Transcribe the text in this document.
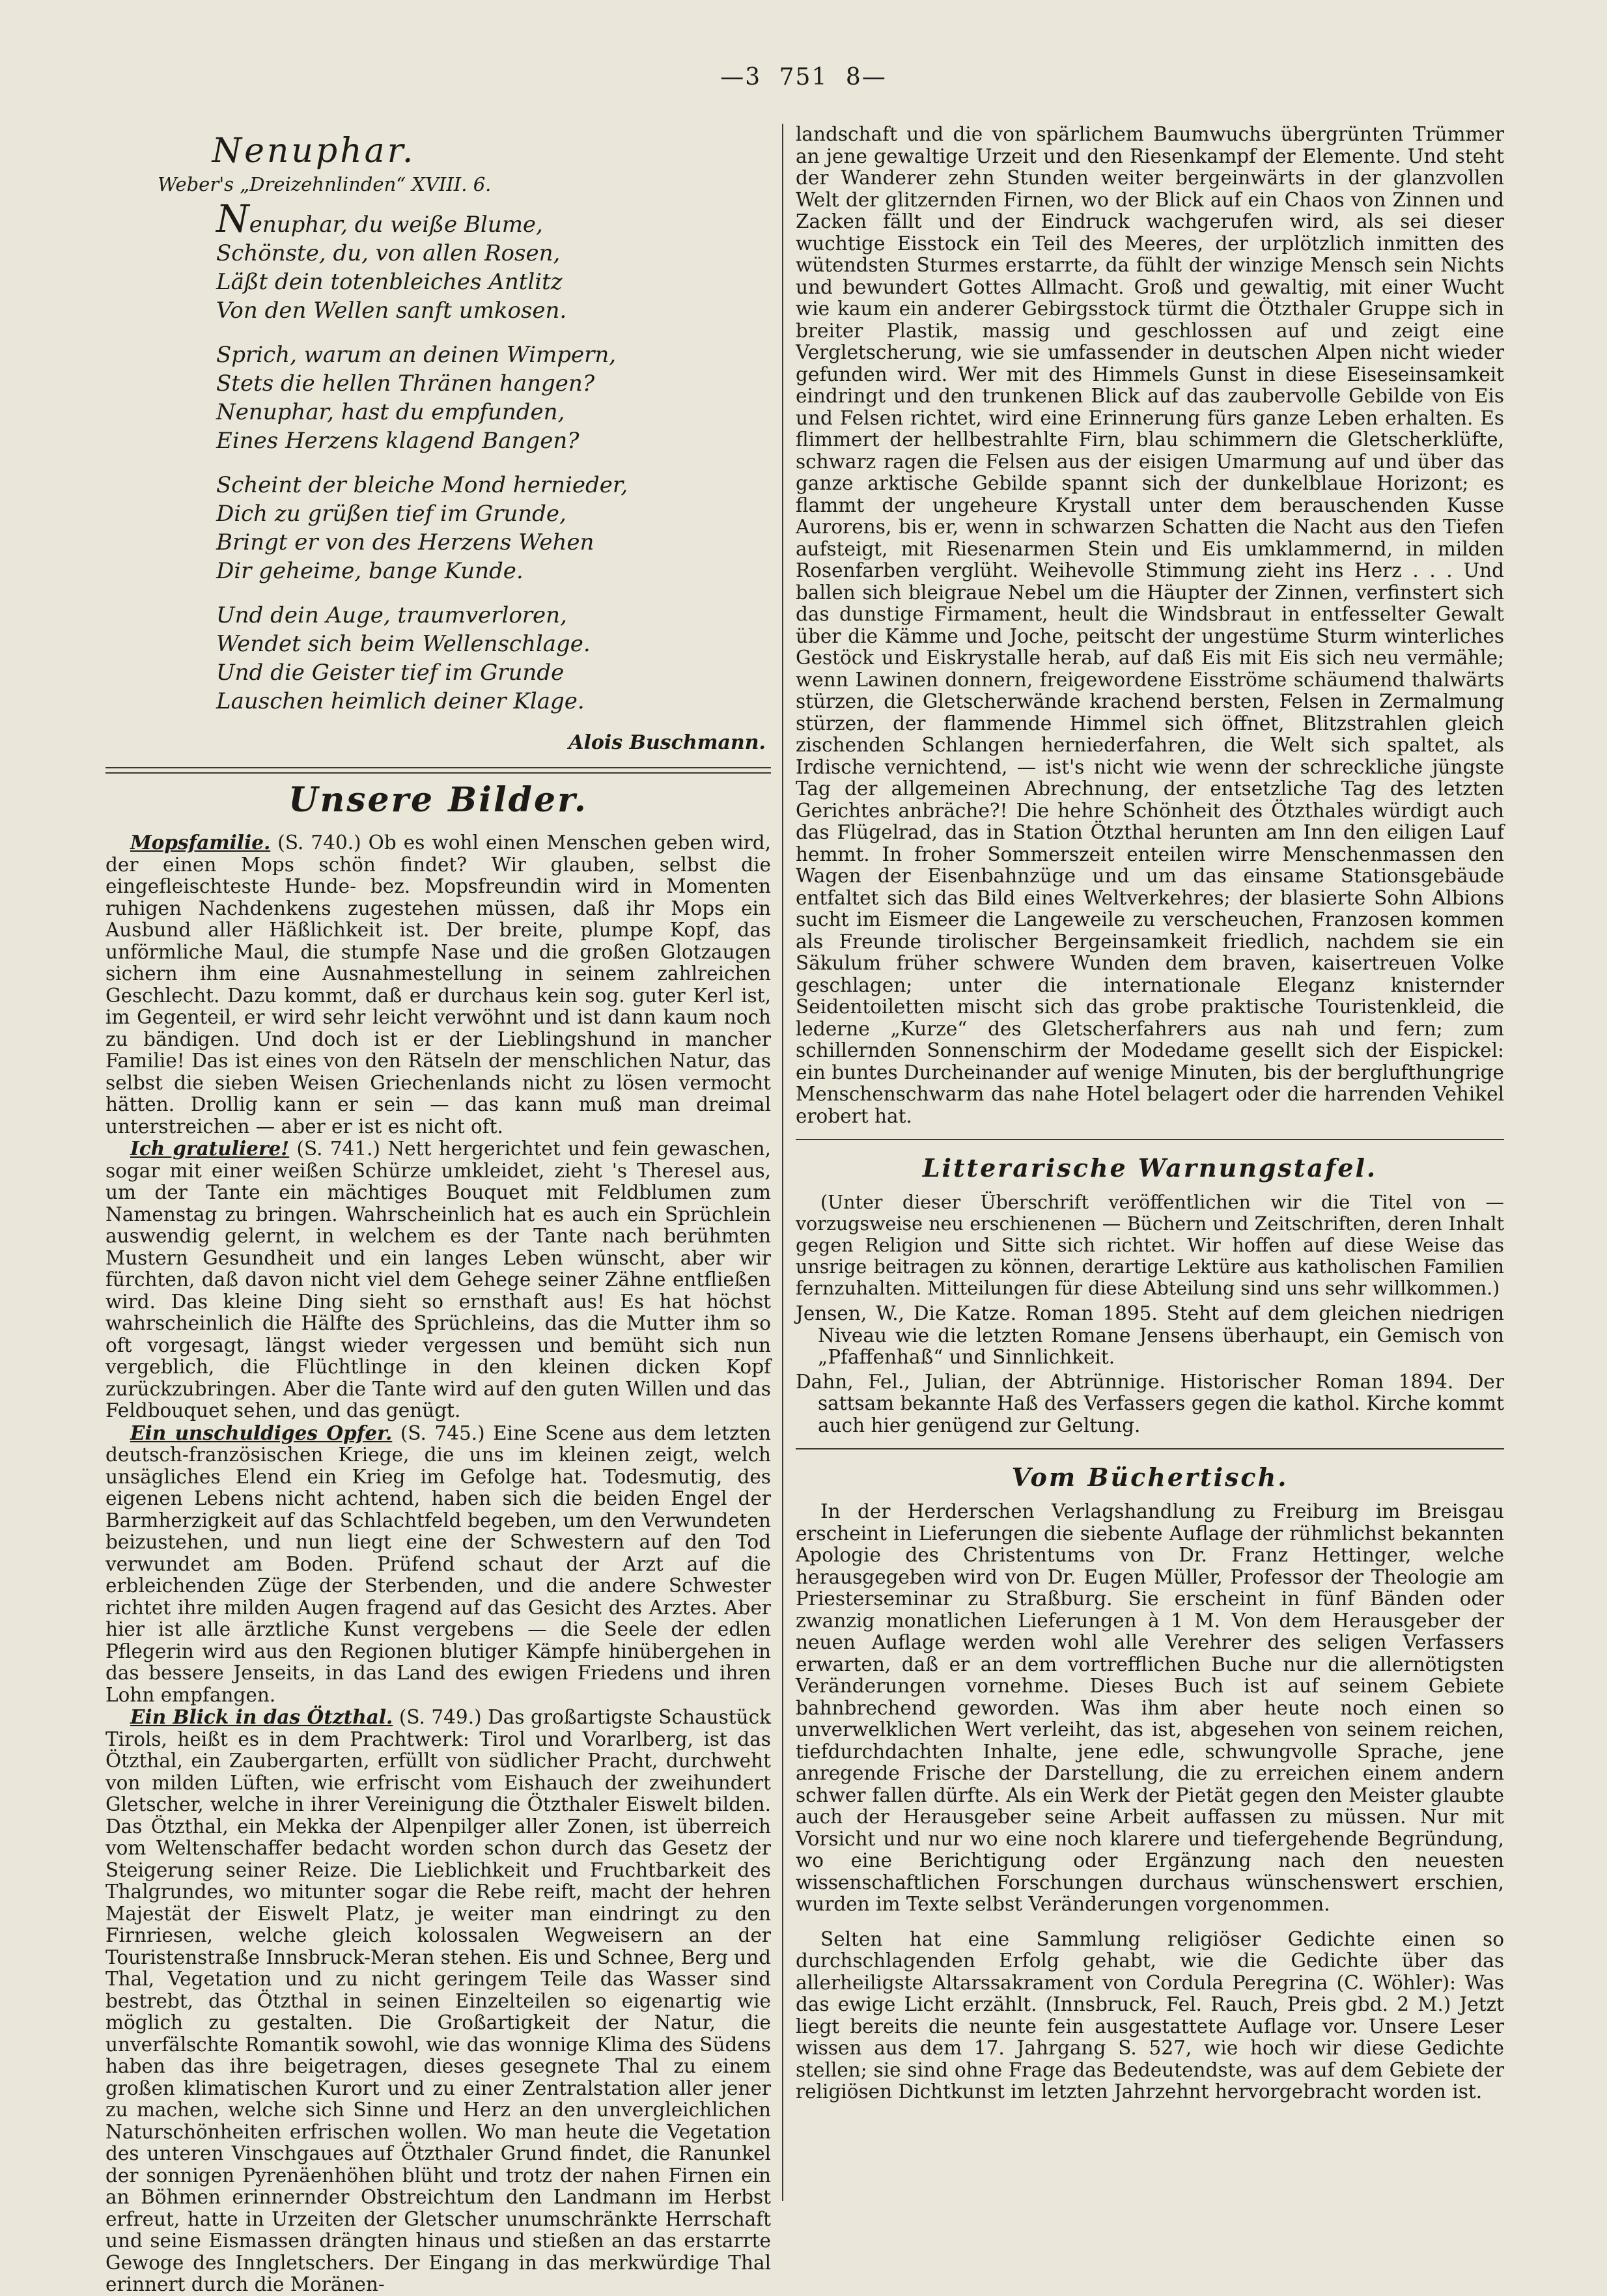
—3 751 8—
Nenuphar.
Weber's „Dreizehnlinden“ XVIII. 6.
Nenuphar, du weiße Blume,
Schönste, du, von allen Rosen,
Läßt dein totenbleiches Antlitz
Von den Wellen sanft umkosen.
Sprich, warum an deinen Wimpern,
Stets die hellen Thränen hangen?
Nenuphar, hast du empfunden,
Eines Herzens klagend Bangen?
Scheint der bleiche Mond hernieder,
Dich zu grüßen tief im Grunde,
Bringt er von des Herzens Wehen
Dir geheime, bange Kunde.
Und dein Auge, traumverloren,
Wendet sich beim Wellenschlage.
Und die Geister tief im Grunde
Lauschen heimlich deiner Klage.
Alois Buschmann.
Unsere Bilder.

Mopsfamilie. (S. 740.) Ob es wohl einen Menschen geben wird, der einen Mops schön findet? Wir glauben, selbst die eingefleischteste Hunde- bez. Mopsfreundin wird in Momenten ruhigen Nachdenkens zugestehen müssen, daß ihr Mops ein Ausbund aller Häßlichkeit ist. Der breite, plumpe Kopf, das unförmliche Maul, die stumpfe Nase und die großen Glotzaugen sichern ihm eine Ausnahmestellung in seinem zahlreichen Geschlecht. Dazu kommt, daß er durchaus kein sog. guter Kerl ist, im Gegenteil, er wird sehr leicht verwöhnt und ist dann kaum noch zu bändigen. Und doch ist er der Lieblingshund in mancher Familie! Das ist eines von den Rätseln der menschlichen Natur, das selbst die sieben Weisen Griechenlands nicht zu lösen vermocht hätten. Drollig kann er sein — das kann muß man dreimal unterstreichen — aber er ist es nicht oft.

Ich gratuliere! (S. 741.) Nett hergerichtet und fein gewaschen, sogar mit einer weißen Schürze umkleidet, zieht 's Theresel aus, um der Tante ein mächtiges Bouquet mit Feldblumen zum Namenstag zu bringen. Wahrscheinlich hat es auch ein Sprüchlein auswendig gelernt, in welchem es der Tante nach berühmten Mustern Gesundheit und ein langes Leben wünscht, aber wir fürchten, daß davon nicht viel dem Gehege seiner Zähne entfließen wird. Das kleine Ding sieht so ernsthaft aus! Es hat höchst wahrscheinlich die Hälfte des Sprüchleins, das die Mutter ihm so oft vorgesagt, längst wieder vergessen und bemüht sich nun vergeblich, die Flüchtlinge in den kleinen dicken Kopf zurückzubringen. Aber die Tante wird auf den guten Willen und das Feldbouquet sehen, und das genügt.

Ein unschuldiges Opfer. (S. 745.) Eine Scene aus dem letzten deutsch-französischen Kriege, die uns im kleinen zeigt, welch unsägliches Elend ein Krieg im Gefolge hat. Todesmutig, des eigenen Lebens nicht achtend, haben sich die beiden Engel der Barmherzigkeit auf das Schlachtfeld begeben, um den Verwundeten beizustehen, und nun liegt eine der Schwestern auf den Tod verwundet am Boden. Prüfend schaut der Arzt auf die erbleichenden Züge der Sterbenden, und die andere Schwester richtet ihre milden Augen fragend auf das Gesicht des Arztes. Aber hier ist alle ärztliche Kunst vergebens — die Seele der edlen Pflegerin wird aus den Regionen blutiger Kämpfe hinübergehen in das bessere Jenseits, in das Land des ewigen Friedens und ihren Lohn empfangen.

Ein Blick in das Ötzthal. (S. 749.) Das großartigste Schaustück Tirols, heißt es in dem Prachtwerk: Tirol und Vorarlberg, ist das Ötzthal, ein Zaubergarten, erfüllt von südlicher Pracht, durchweht von milden Lüften, wie erfrischt vom Eishauch der zweihundert Gletscher, welche in ihrer Vereinigung die Ötzthaler Eiswelt bilden. Das Ötzthal, ein Mekka der Alpenpilger aller Zonen, ist überreich vom Weltenschaffer bedacht worden schon durch das Gesetz der Steigerung seiner Reize. Die Lieblichkeit und Fruchtbarkeit des Thalgrundes, wo mitunter sogar die Rebe reift, macht der hehren Majestät der Eiswelt Platz, je weiter man eindringt zu den Firnriesen, welche gleich kolossalen Wegweisern an der Touristenstraße Innsbruck-Meran stehen. Eis und Schnee, Berg und Thal, Vegetation und zu nicht geringem Teile das Wasser sind bestrebt, das Ötzthal in seinen Einzelteilen so eigenartig wie möglich zu gestalten. Die Großartigkeit der Natur, die unverfälschte Romantik sowohl, wie das wonnige Klima des Südens haben das ihre beigetragen, dieses gesegnete Thal zu einem großen klimatischen Kurort und zu einer Zentralstation aller jener zu machen, welche sich Sinne und Herz an den unvergleichlichen Naturschönheiten erfrischen wollen. Wo man heute die Vegetation des unteren Vinschgaues auf Ötzthaler Grund findet, die Ranunkel der sonnigen Pyrenäenhöhen blüht und trotz der nahen Firnen ein an Böhmen erinnernder Obstreichtum den Landmann im Herbst erfreut, hatte in Urzeiten der Gletscher unumschränkte Herrschaft und seine Eismassen drängten hinaus und stießen an das erstarrte Gewoge des Inngletschers. Der Eingang in das merkwürdige Thal erinnert durch die Moränen-

landschaft und die von spärlichem Baumwuchs übergrünten Trümmer an jene gewaltige Urzeit und den Riesenkampf der Elemente. Und steht der Wanderer zehn Stunden weiter bergeinwärts in der glanzvollen Welt der glitzernden Firnen, wo der Blick auf ein Chaos von Zinnen und Zacken fällt und der Eindruck wachgerufen wird, als sei dieser wuchtige Eisstock ein Teil des Meeres, der urplötzlich inmitten des wütendsten Sturmes erstarrte, da fühlt der winzige Mensch sein Nichts und bewundert Gottes Allmacht. Groß und gewaltig, mit einer Wucht wie kaum ein anderer Gebirgsstock türmt die Ötzthaler Gruppe sich in breiter Plastik, massig und geschlossen auf und zeigt eine Vergletscherung, wie sie umfassender in deutschen Alpen nicht wieder gefunden wird. Wer mit des Himmels Gunst in diese Eiseseinsamkeit eindringt und den trunkenen Blick auf das zaubervolle Gebilde von Eis und Felsen richtet, wird eine Erinnerung fürs ganze Leben erhalten. Es flimmert der hellbestrahlte Firn, blau schimmern die Gletscherklüfte, schwarz ragen die Felsen aus der eisigen Umarmung auf und über das ganze arktische Gebilde spannt sich der dunkelblaue Horizont; es flammt der ungeheure Krystall unter dem berauschenden Kusse Aurorens, bis er, wenn in schwarzen Schatten die Nacht aus den Tiefen aufsteigt, mit Riesenarmen Stein und Eis umklammernd, in milden Rosenfarben verglüht. Weihevolle Stimmung zieht ins Herz . . . Und ballen sich bleigraue Nebel um die Häupter der Zinnen, verfinstert sich das dunstige Firmament, heult die Windsbraut in entfesselter Gewalt über die Kämme und Joche, peitscht der ungestüme Sturm winterliches Gestöck und Eiskrystalle herab, auf daß Eis mit Eis sich neu vermähle; wenn Lawinen donnern, freigewordene Eisströme schäumend thalwärts stürzen, die Gletscherwände krachend bersten, Felsen in Zermalmung stürzen, der flammende Himmel sich öffnet, Blitzstrahlen gleich zischenden Schlangen herniederfahren, die Welt sich spaltet, als Irdische vernichtend, — ist's nicht wie wenn der schreckliche jüngste Tag der allgemeinen Abrechnung, der entsetzliche Tag des letzten Gerichtes anbräche?! Die hehre Schönheit des Ötzthales würdigt auch das Flügelrad, das in Station Ötzthal herunten am Inn den eiligen Lauf hemmt. In froher Sommerszeit enteilen wirre Menschenmassen den Wagen der Eisenbahnzüge und um das einsame Stationsgebäude entfaltet sich das Bild eines Weltverkehres; der blasierte Sohn Albions sucht im Eismeer die Langeweile zu verscheuchen, Franzosen kommen als Freunde tirolischer Bergeinsamkeit friedlich, nachdem sie ein Säkulum früher schwere Wunden dem braven, kaisertreuen Volke geschlagen; unter die internationale Eleganz knisternder Seidentoiletten mischt sich das grobe praktische Touristenkleid, die lederne „Kurze“ des Gletscherfahrers aus nah und fern; zum schillernden Sonnenschirm der Modedame gesellt sich der Eispickel: ein buntes Durcheinander auf wenige Minuten, bis der berglufthungrige Menschenschwarm das nahe Hotel belagert oder die harrenden Vehikel erobert hat.

Litterarische Warnungstafel.

(Unter dieser Überschrift veröffentlichen wir die Titel von — vorzugsweise neu erschienenen — Büchern und Zeitschriften, deren Inhalt gegen Religion und Sitte sich richtet. Wir hoffen auf diese Weise das unsrige beitragen zu können, derartige Lektüre aus katholischen Familien fernzuhalten. Mitteilungen für diese Abteilung sind uns sehr willkommen.)

Jensen, W., Die Katze. Roman 1895. Steht auf dem gleichen niedrigen Niveau wie die letzten Romane Jensens überhaupt, ein Gemisch von „Pfaffenhaß“ und Sinnlichkeit.

Dahn, Fel., Julian, der Abtrünnige. Historischer Roman 1894. Der sattsam bekannte Haß des Verfassers gegen die kathol. Kirche kommt auch hier genügend zur Geltung.

Vom Büchertisch.

In der Herderschen Verlagshandlung zu Freiburg im Breisgau erscheint in Lieferungen die siebente Auflage der rühmlichst bekannten Apologie des Christentums von Dr. Franz Hettinger, welche herausgegeben wird von Dr. Eugen Müller, Professor der Theologie am Priesterseminar zu Straßburg. Sie erscheint in fünf Bänden oder zwanzig monatlichen Lieferungen à 1 M. Von dem Herausgeber der neuen Auflage werden wohl alle Verehrer des seligen Verfassers erwarten, daß er an dem vortrefflichen Buche nur die allernötigsten Veränderungen vornehme. Dieses Buch ist auf seinem Gebiete bahnbrechend geworden. Was ihm aber heute noch einen so unverwelklichen Wert verleiht, das ist, abgesehen von seinem reichen, tiefdurchdachten Inhalte, jene edle, schwungvolle Sprache, jene anregende Frische der Darstellung, die zu erreichen einem andern schwer fallen dürfte. Als ein Werk der Pietät gegen den Meister glaubte auch der Herausgeber seine Arbeit auffassen zu müssen. Nur mit Vorsicht und nur wo eine noch klarere und tiefergehende Begründung, wo eine Berichtigung oder Ergänzung nach den neuesten wissenschaftlichen Forschungen durchaus wünschenswert erschien, wurden im Texte selbst Veränderungen vorgenommen.

Selten hat eine Sammlung religiöser Gedichte einen so durchschlagenden Erfolg gehabt, wie die Gedichte über das allerheiligste Altarssakrament von Cordula Peregrina (C. Wöhler): Was das ewige Licht erzählt. (Innsbruck, Fel. Rauch, Preis gbd. 2 M.) Jetzt liegt bereits die neunte fein ausgestattete Auflage vor. Unsere Leser wissen aus dem 17. Jahrgang S. 527, wie hoch wir diese Gedichte stellen; sie sind ohne Frage das Bedeutendste, was auf dem Gebiete der religiösen Dichtkunst im letzten Jahrzehnt hervorgebracht worden ist.
